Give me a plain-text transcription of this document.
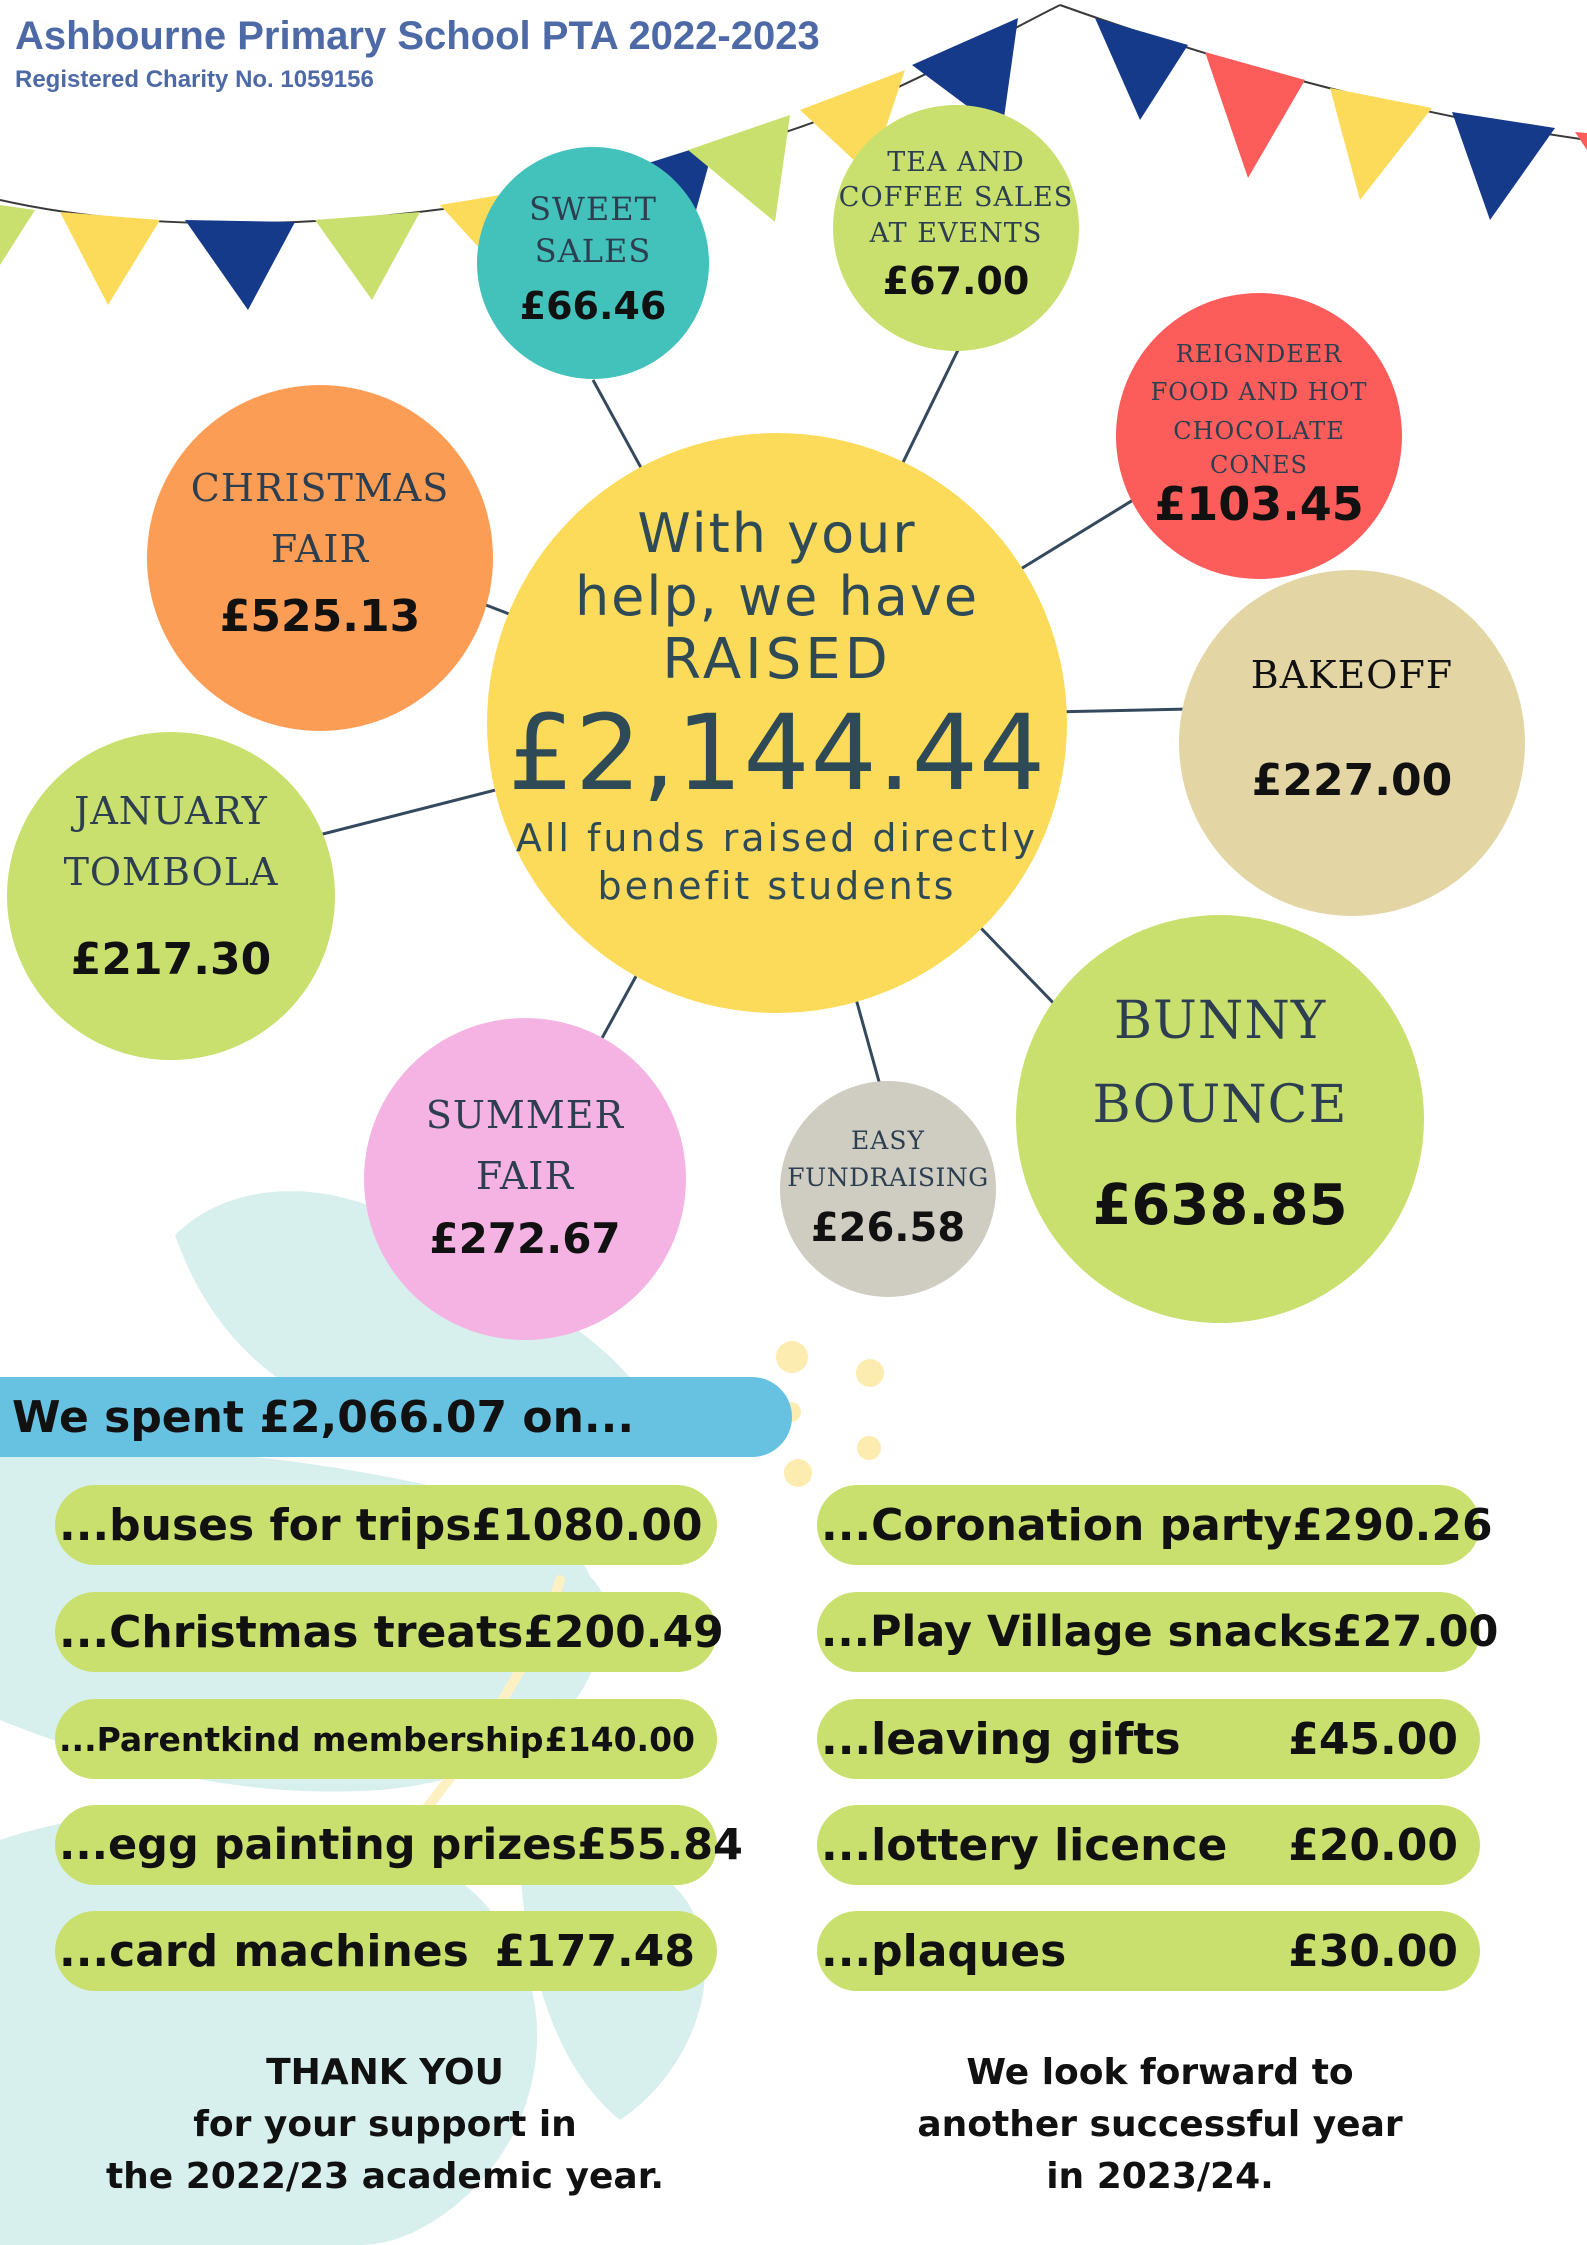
Ashbourne Primary School PTA 2022-2023
Registered Charity No. 1059156
With your
help, we have
RAISED
£2,144.44
All funds raised directly
benefit students
SWEET
SALES
£66.46
TEA AND
COFFEE SALES
AT EVENTS
£67.00
REIGNDEER
FOOD AND HOT
CHOCOLATE
CONES
£103.45
CHRISTMAS
FAIR
£525.13
BAKEOFF
£227.00
JANUARY
TOMBOLA
£217.30
BUNNY
BOUNCE
£638.85
SUMMER
FAIR
£272.67
EASY
FUNDRAISING
£26.58
We spent £2,066.07 on...
...buses for trips £1080.00
...Christmas treats £200.49
...Parentkind membership £140.00
...egg painting prizes £55.84
...card machines £177.48
...Coronation party £290.26
...Play Village snacks £27.00
...leaving gifts £45.00
...lottery licence £20.00
...plaques	£30.00
THANK YOU
for your support in
the 2022/23 academic year.
We look forward to
another successful year
in 2023/24.
